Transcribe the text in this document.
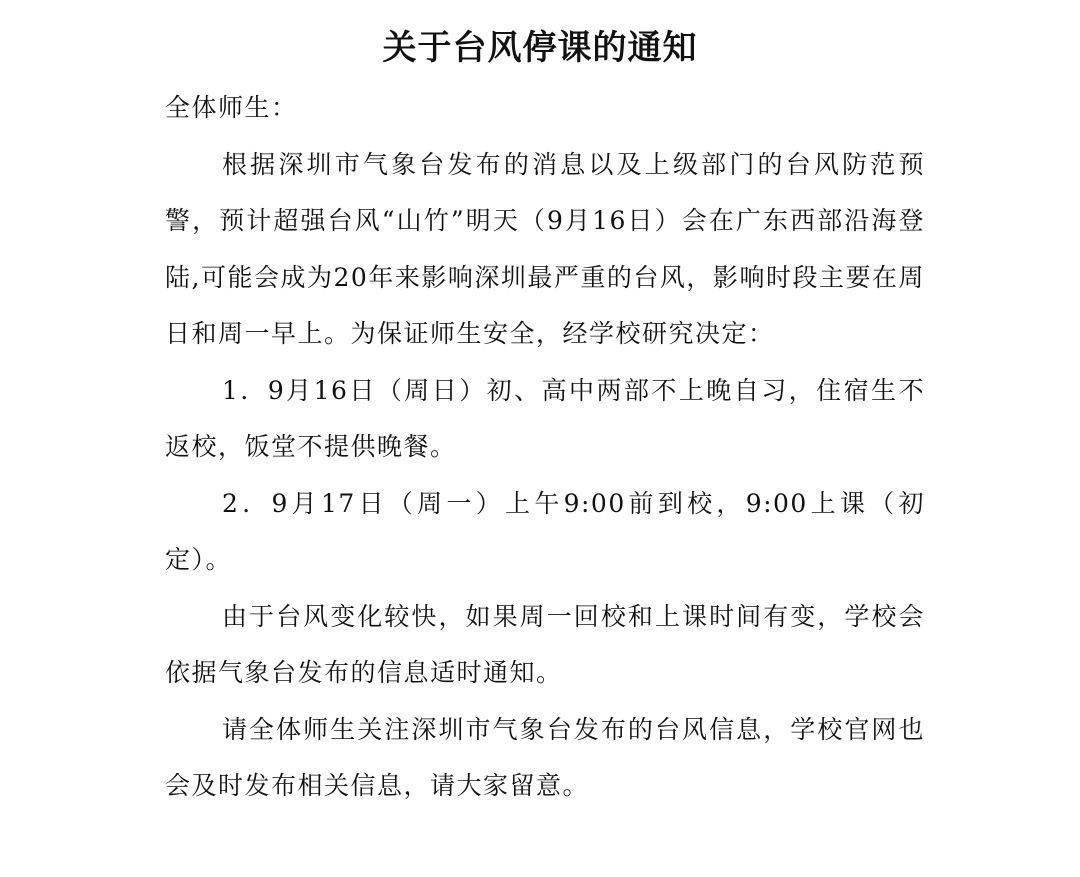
关于台风停课的通知

全体师生：

根据深圳市气象台发布的消息以及上级部门的台风防范预警，预计超强台风“山竹”明天（9月16日）会在广东西部沿海登陆,可能会成为20年来影响深圳最严重的台风，影响时段主要在周日和周一早上。为保证师生安全，经学校研究决定：

1．9月16日（周日）初、高中两部不上晚自习，住宿生不返校，饭堂不提供晚餐。

2．9月17日（周一）上午9:00前到校，9:00上课（初定）。

由于台风变化较快，如果周一回校和上课时间有变，学校会依据气象台发布的信息适时通知。

请全体师生关注深圳市气象台发布的台风信息，学校官网也会及时发布相关信息，请大家留意。
